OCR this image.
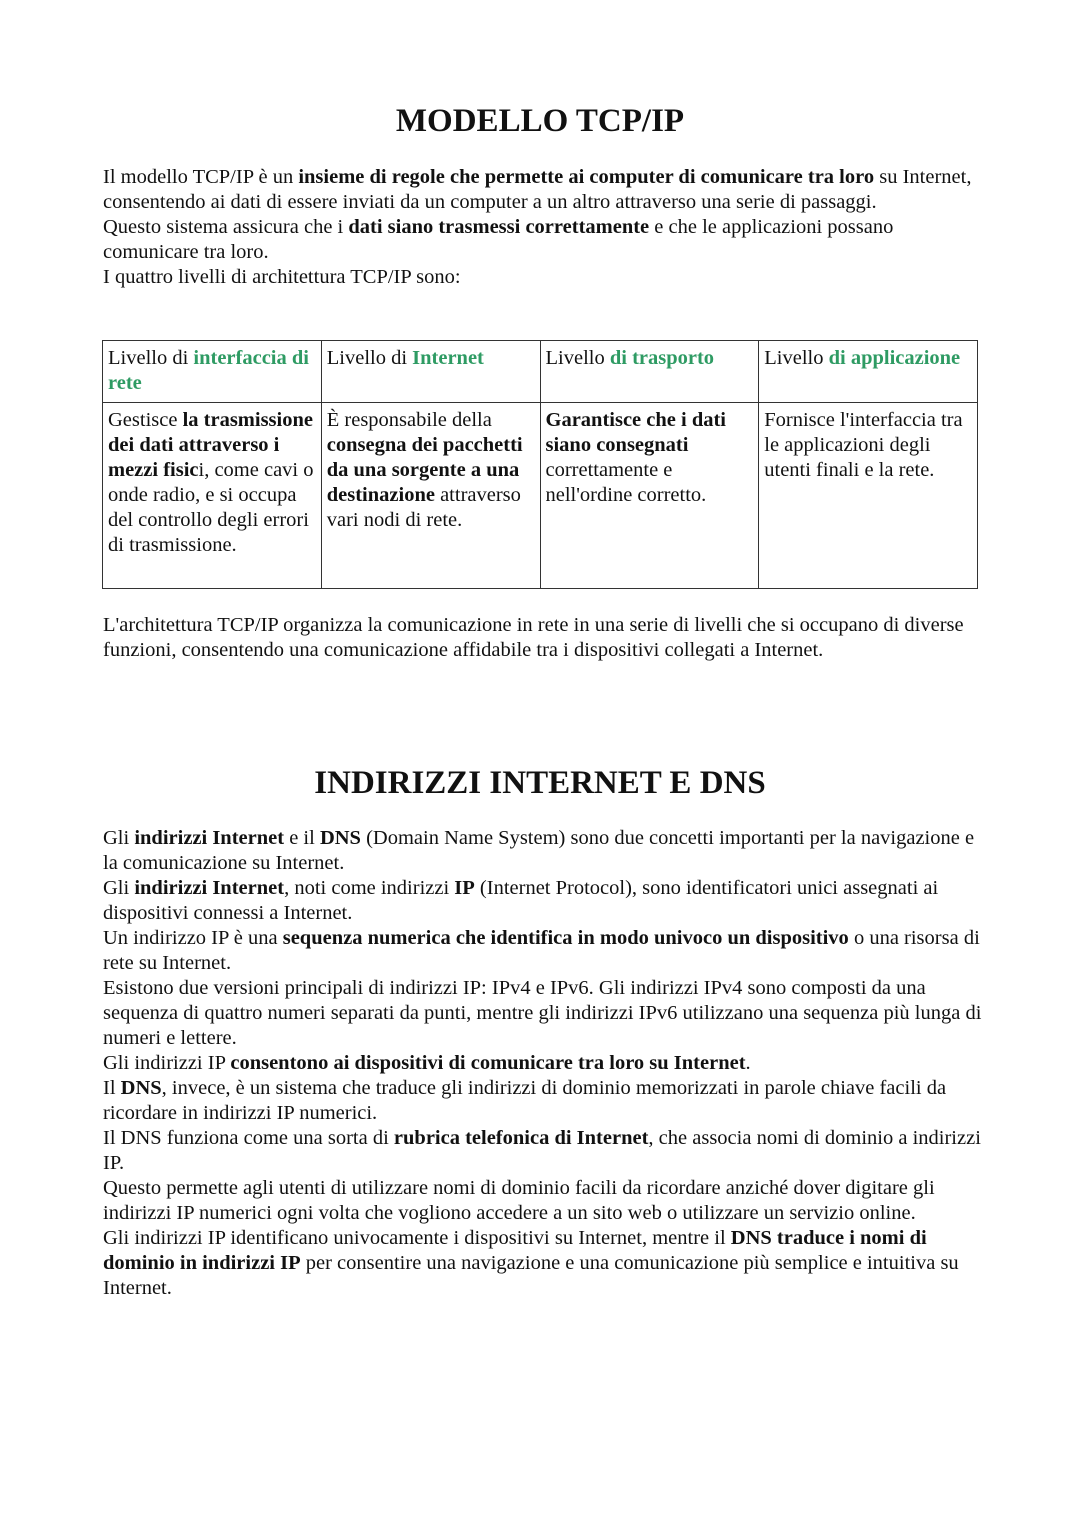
MODELLO TCP/IP

Il modello TCP/IP è un insieme di regole che permette ai computer di comunicare tra loro su Internet, consentendo ai dati di essere inviati da un computer a un altro attraverso una serie di passaggi.

Questo sistema assicura che i dati siano trasmessi correttamente e che le applicazioni possano comunicare tra loro.

I quattro livelli di architettura TCP/IP sono:

Livello di interfaccia di rete	Livello di Internet	Livello di trasporto	Livello di applicazione
Gestisce la trasmissione dei dati attraverso i mezzi fisici, come cavi o onde radio, e si occupa del controllo degli errori di trasmissione.	È responsabile della consegna dei pacchetti da una sorgente a una destinazione attraverso vari nodi di rete.	Garantisce che i dati siano consegnati correttamente e nell'ordine corretto.	Fornisce l'interfaccia tra le applicazioni degli utenti finali e la rete.

L'architettura TCP/IP organizza la comunicazione in rete in una serie di livelli che si occupano di diverse funzioni, consentendo una comunicazione affidabile tra i dispositivi collegati a Internet.

INDIRIZZI INTERNET E DNS

Gli indirizzi Internet e il DNS (Domain Name System) sono due concetti importanti per la navigazione e la comunicazione su Internet.

Gli indirizzi Internet, noti come indirizzi IP (Internet Protocol), sono identificatori unici assegnati ai dispositivi connessi a Internet.

Un indirizzo IP è una sequenza numerica che identifica in modo univoco un dispositivo o una risorsa di rete su Internet.

Esistono due versioni principali di indirizzi IP: IPv4 e IPv6. Gli indirizzi IPv4 sono composti da una sequenza di quattro numeri separati da punti, mentre gli indirizzi IPv6 utilizzano una sequenza più lunga di numeri e lettere.

Gli indirizzi IP consentono ai dispositivi di comunicare tra loro su Internet.

Il DNS, invece, è un sistema che traduce gli indirizzi di dominio memorizzati in parole chiave facili da ricordare in indirizzi IP numerici.

Il DNS funziona come una sorta di rubrica telefonica di Internet, che associa nomi di dominio a indirizzi IP.

Questo permette agli utenti di utilizzare nomi di dominio facili da ricordare anziché dover digitare gli indirizzi IP numerici ogni volta che vogliono accedere a un sito web o utilizzare un servizio online.

Gli indirizzi IP identificano univocamente i dispositivi su Internet, mentre il DNS traduce i nomi di dominio in indirizzi IP per consentire una navigazione e una comunicazione più semplice e intuitiva su Internet.
